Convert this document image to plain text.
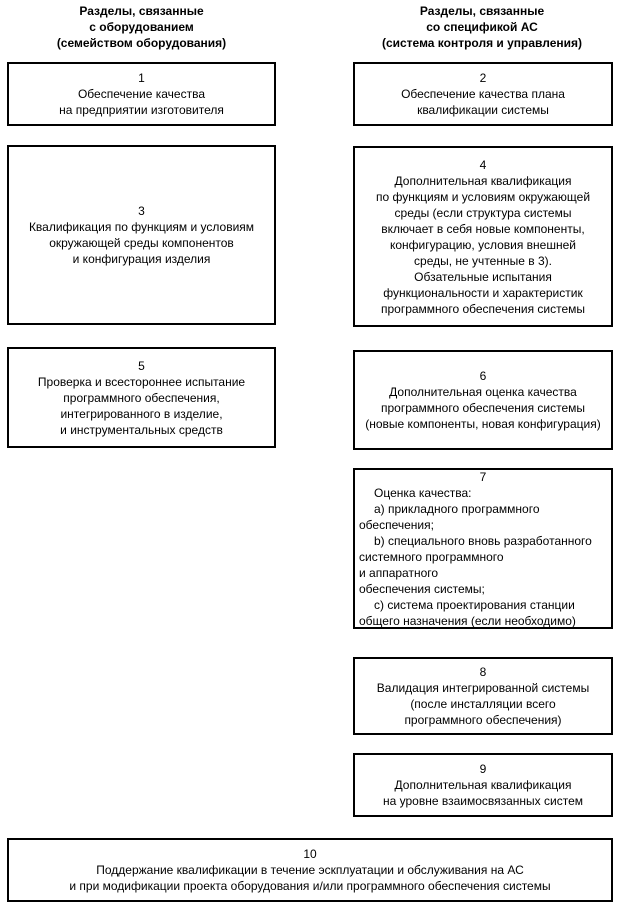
Разделы, связанные
с оборудованием
(семейством оборудования)
Разделы, связанные
со спецификой АС
(система контроля и управления)
1
Обеспечение качества
на предприятии изготовителя
2
Обеспечение качества плана
квалификации системы
3
Квалификация по функциям и условиям
окружающей среды компонентов
и конфигурация изделия
4
Дополнительная квалификация
по функциям и условиям окружающей
среды (если структура системы
включает в себя новые компоненты,
конфигурацию, условия внешней
среды, не учтенные в 3).
Обзательные испытания
функциональности и характеристик
программного обеспечения системы
5
Проверка и всестороннее испытание
программного обеспечения,
интегрированного в изделие,
и инструментальных средств
6
Дополнительная оценка качества
программного обеспечения системы
(новые компоненты, новая конфигурация)
7
Оценка качества:
а) прикладного программного
обеспечения;
b) специального вновь разработанного
системного программного
и аппаратного
обеспечения системы;
с) система проектирования станции
общего назначения (если необходимо)
8
Валидация интегрированной системы
(после инсталляции всего
программного обеспечения)
9
Дополнительная квалификация
на уровне взаимосвязанных систем
10
Поддержание квалификации в течение эскплуатации и обслуживания на АС
и при модификации проекта оборудования и/или программного обеспечения системы
